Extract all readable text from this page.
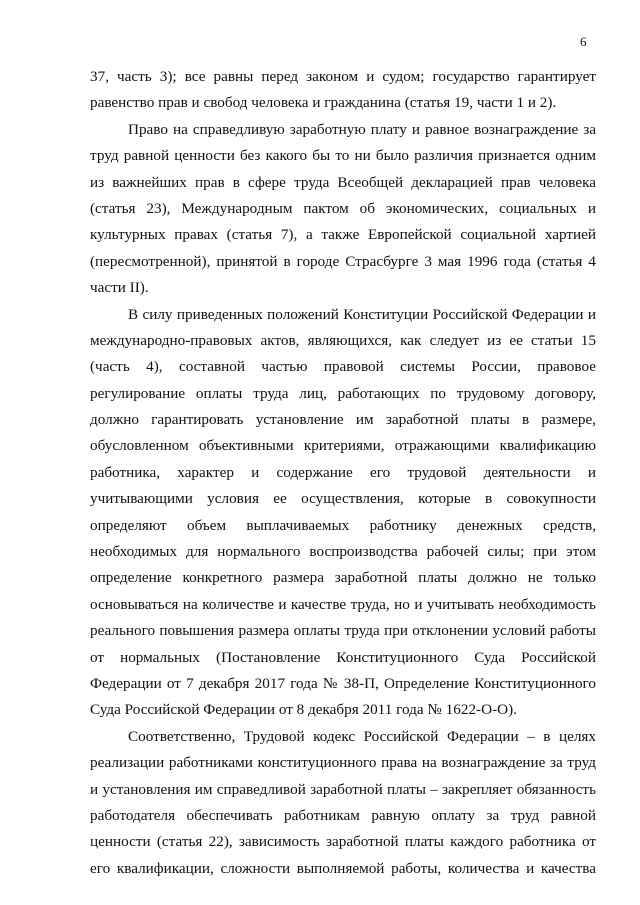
6
37, часть 3); все равны перед законом и судом; государство гарантирует
равенство прав и свобод человека и гражданина (статья 19, части 1 и 2).
Право на справедливую заработную плату и равное вознаграждение за
труд равной ценности без какого бы то ни было различия признается одним
из важнейших прав в сфере труда Всеобщей декларацией прав человека
(статья 23), Международным пактом об экономических, социальных и
культурных правах (статья 7), а также Европейской социальной хартией
(пересмотренной), принятой в городе Страсбурге 3 мая 1996 года (статья 4
части II).
В силу приведенных положений Конституции Российской Федерации и
международно-правовых актов, являющихся, как следует из ее статьи 15
(часть 4), составной частью правовой системы России, правовое
регулирование оплаты труда лиц, работающих по трудовому договору,
должно гарантировать установление им заработной платы в размере,
обусловленном объективными критериями, отражающими квалификацию
работника, характер и содержание его трудовой деятельности и
учитывающими условия ее осуществления, которые в совокупности
определяют объем выплачиваемых работнику денежных средств,
необходимых для нормального воспроизводства рабочей силы; при этом
определение конкретного размера заработной платы должно не только
основываться на количестве и качестве труда, но и учитывать необходимость
реального повышения размера оплаты труда при отклонении условий работы
от нормальных (Постановление Конституционного Суда Российской
Федерации от 7 декабря 2017 года № 38-П, Определение Конституционного
Суда Российской Федерации от 8 декабря 2011 года № 1622-О-О).
Соответственно, Трудовой кодекс Российской Федерации – в целях
реализации работниками конституционного права на вознаграждение за труд
и установления им справедливой заработной платы – закрепляет обязанность
работодателя обеспечивать работникам равную оплату за труд равной
ценности (статья 22), зависимость заработной платы каждого работника от
его квалификации, сложности выполняемой работы, количества и качества
